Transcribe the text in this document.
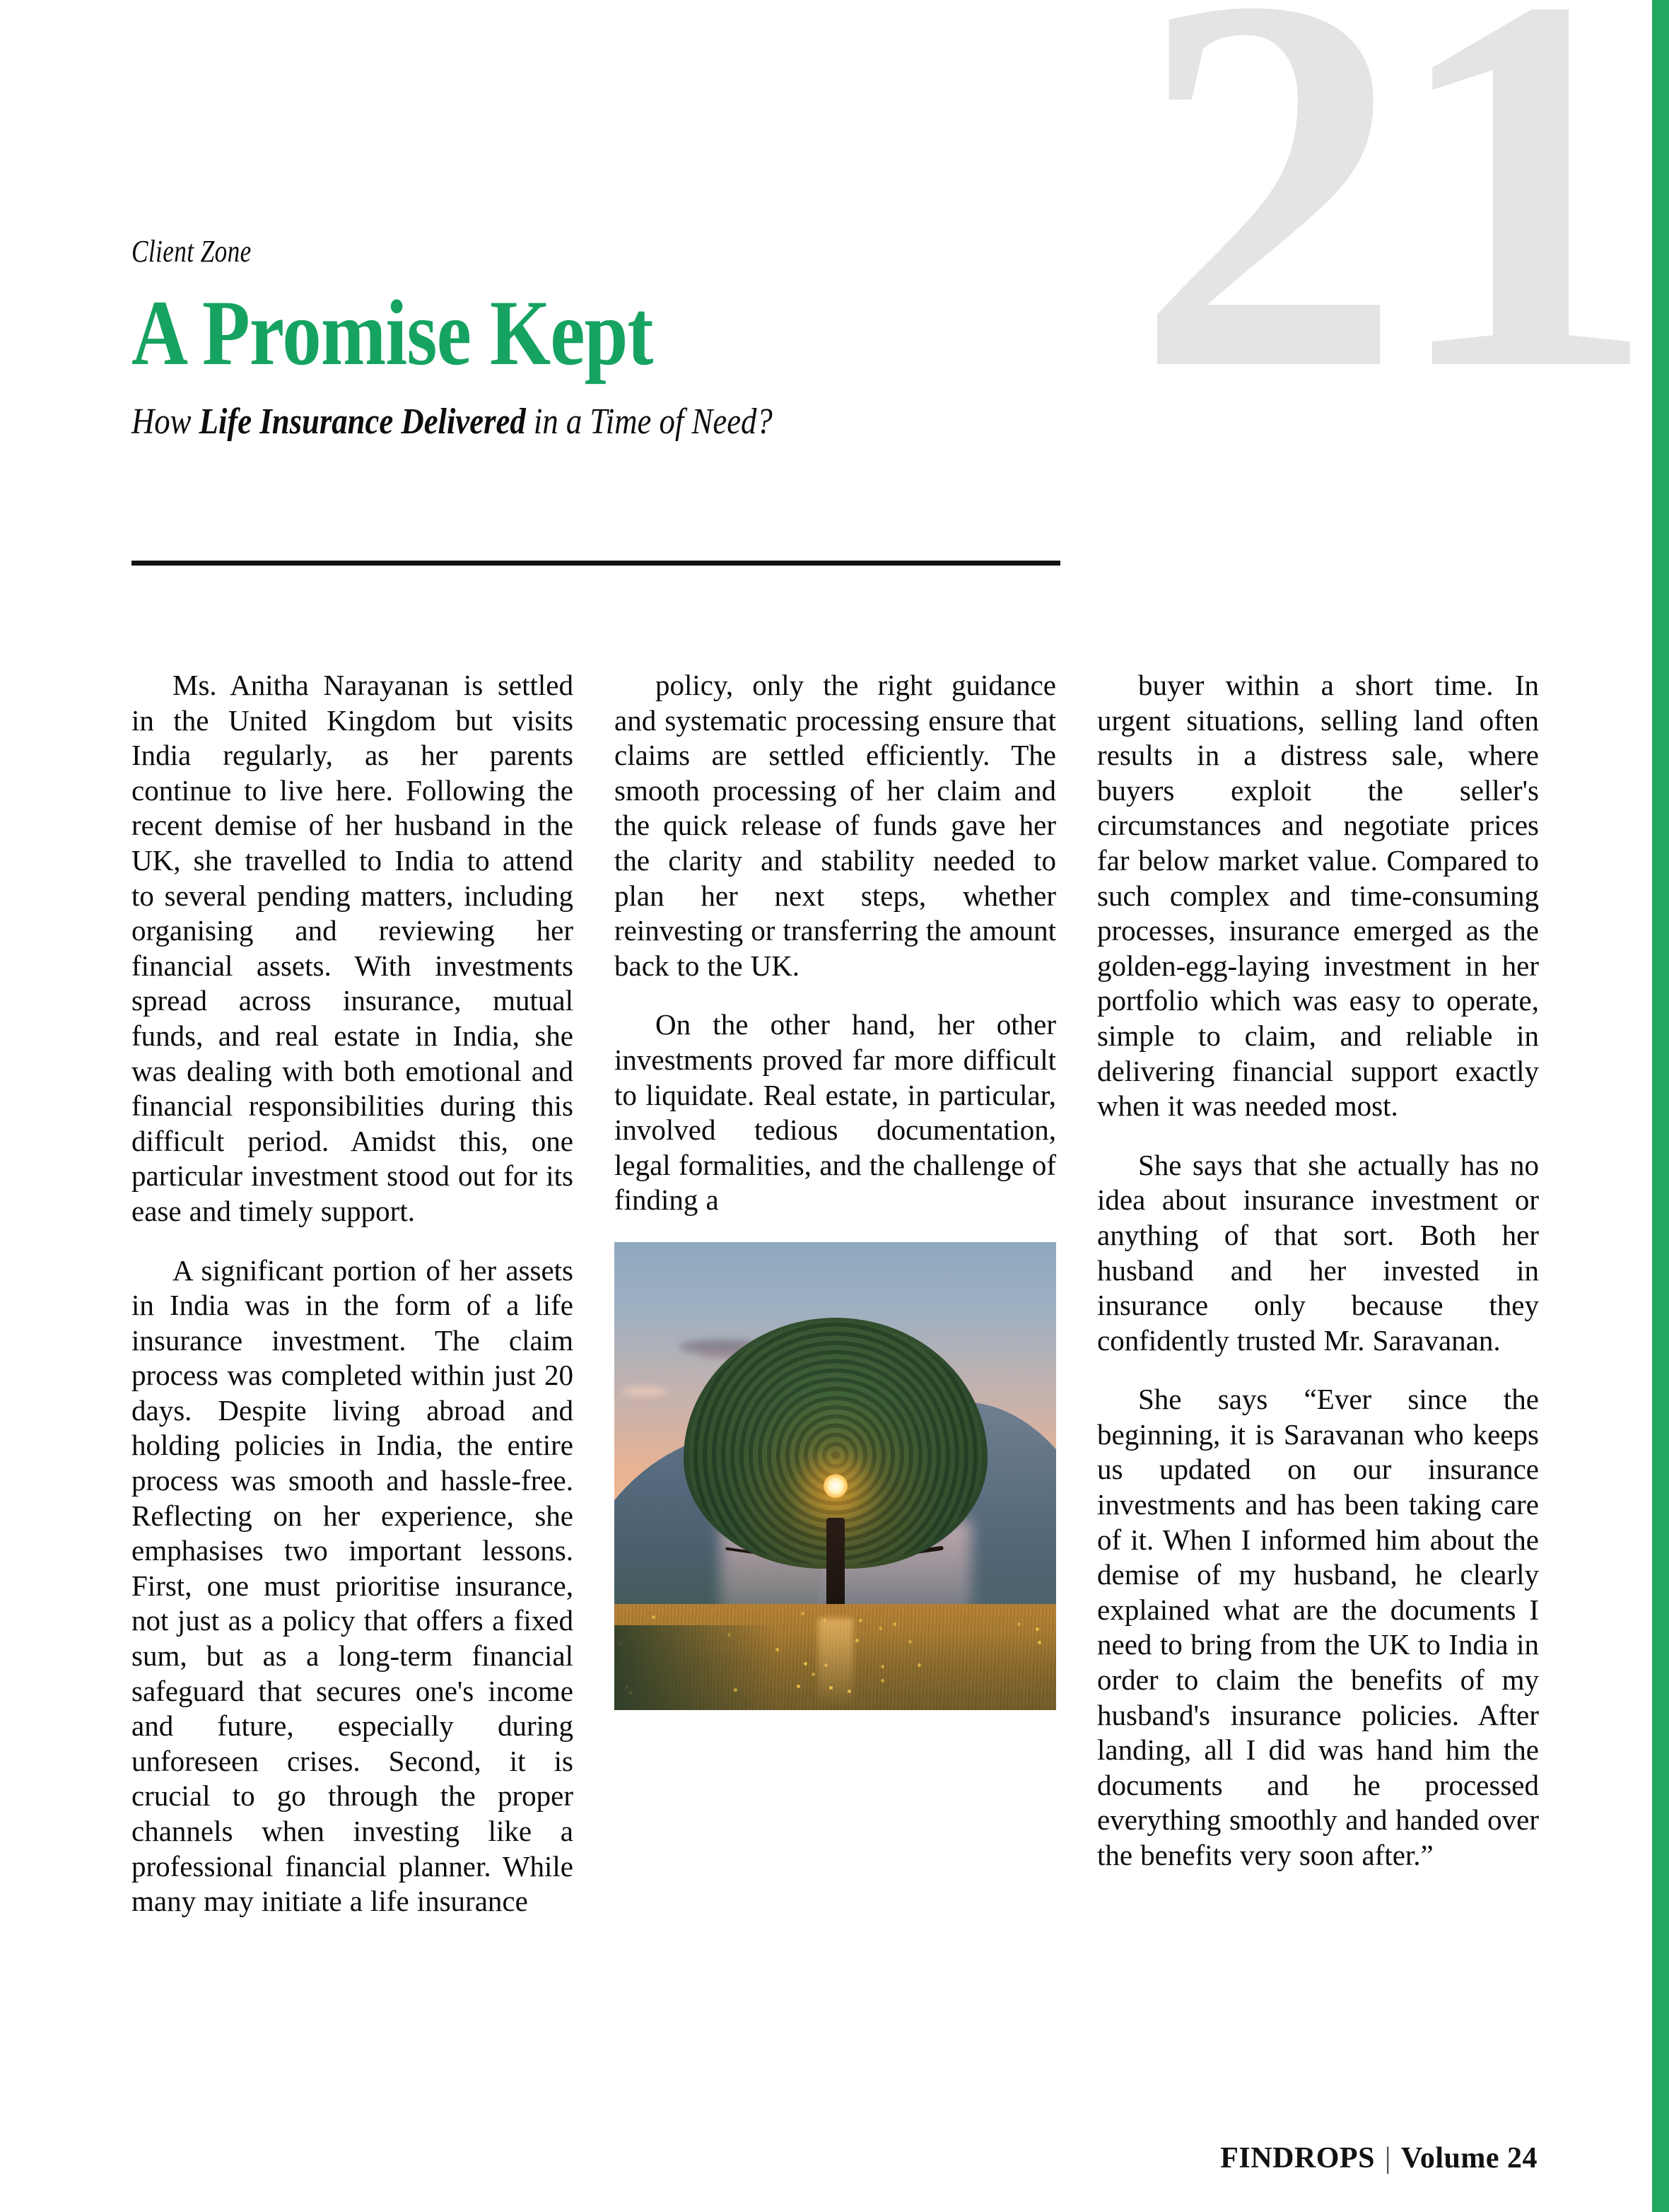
21
Client Zone
A Promise Kept
How Life Insurance Delivered in a Time of Need?

Ms. Anitha Narayanan is settled in the United Kingdom but visits India regularly, as her parents continue to live here. Following the recent demise of her husband in the UK, she travelled to India to attend to several pending matters, including organising and reviewing her financial assets. With investments spread across insurance, mutual funds, and real estate in India, she was dealing with both emotional and financial responsibilities during this difficult period. Amidst this, one particular investment stood out for its ease and timely support.

A significant portion of her assets in India was in the form of a life insurance investment. The claim process was completed within just 20 days. Despite living abroad and holding policies in India, the entire process was smooth and hassle-free. Reflecting on her experience, she emphasises two important lessons. First, one must prioritise insurance, not just as a policy that offers a fixed sum, but as a long-term financial safeguard that secures one's income and future, especially during unforeseen crises. Second, it is crucial to go through the proper channels when investing like a professional financial planner. While many may initiate a life insurance

policy, only the right guidance and systematic processing ensure that claims are settled efficiently. The smooth processing of her claim and the quick release of funds gave her the clarity and stability needed to plan her next steps, whether reinvesting or transferring the amount back to the UK.

On the other hand, her other investments proved far more difficult to liquidate. Real estate, in particular, involved tedious documentation, legal formalities, and the challenge of finding a

buyer within a short time. In urgent situations, selling land often results in a distress sale, where buyers exploit the seller's circumstances and negotiate prices far below market value. Compared to such complex and time-consuming processes, insurance emerged as the golden-egg-laying investment in her portfolio which was easy to operate, simple to claim, and reliable in delivering financial support exactly when it was needed most.

She says that she actually has no idea about insurance investment or anything of that sort. Both her husband and her invested in insurance only because they confidently trusted Mr. Saravanan.

She says “Ever since the beginning, it is Saravanan who keeps us updated on our insurance investments and has been taking care of it. When I informed him about the demise of my husband, he clearly explained what are the documents I need to bring from the UK to India in order to claim the benefits of my husband's insurance policies. After landing, all I did was hand him the documents and he processed everything smoothly and handed over the benefits very soon after.”

FINDROPS | Volume 24
